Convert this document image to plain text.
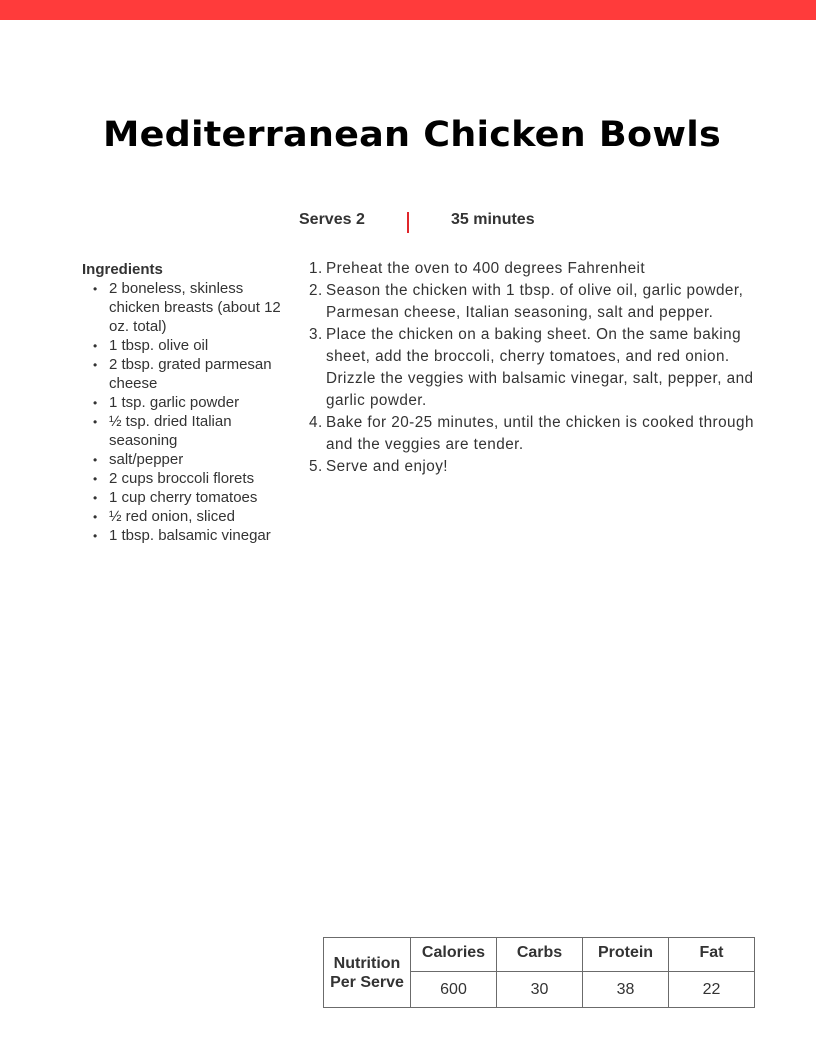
Mediterranean Chicken Bowls
Serves 2	35 minutes
Ingredients
• 2 boneless, skinless chicken breasts (about 12 oz. total)
• 1 tbsp. olive oil
• 2 tbsp. grated parmesan cheese
• 1 tsp. garlic powder
• ½ tsp. dried Italian seasoning
• salt/pepper
• 2 cups broccoli florets
• 1 cup cherry tomatoes
• ½ red onion, sliced
• 1 tbsp. balsamic vinegar
1. Preheat the oven to 400 degrees Fahrenheit
2. Season the chicken with 1 tbsp. of olive oil, garlic powder, Parmesan cheese, Italian seasoning, salt and pepper.
3. Place the chicken on a baking sheet. On the same baking sheet, add the broccoli, cherry tomatoes, and red onion. Drizzle the veggies with balsamic vinegar, salt, pepper, and garlic powder.
4. Bake for 20-25 minutes, until the chicken is cooked through and the veggies are tender.
5. Serve and enjoy!
Nutrition
Per Serve	Calories	Carbs	Protein	Fat
	600	30	38	22
